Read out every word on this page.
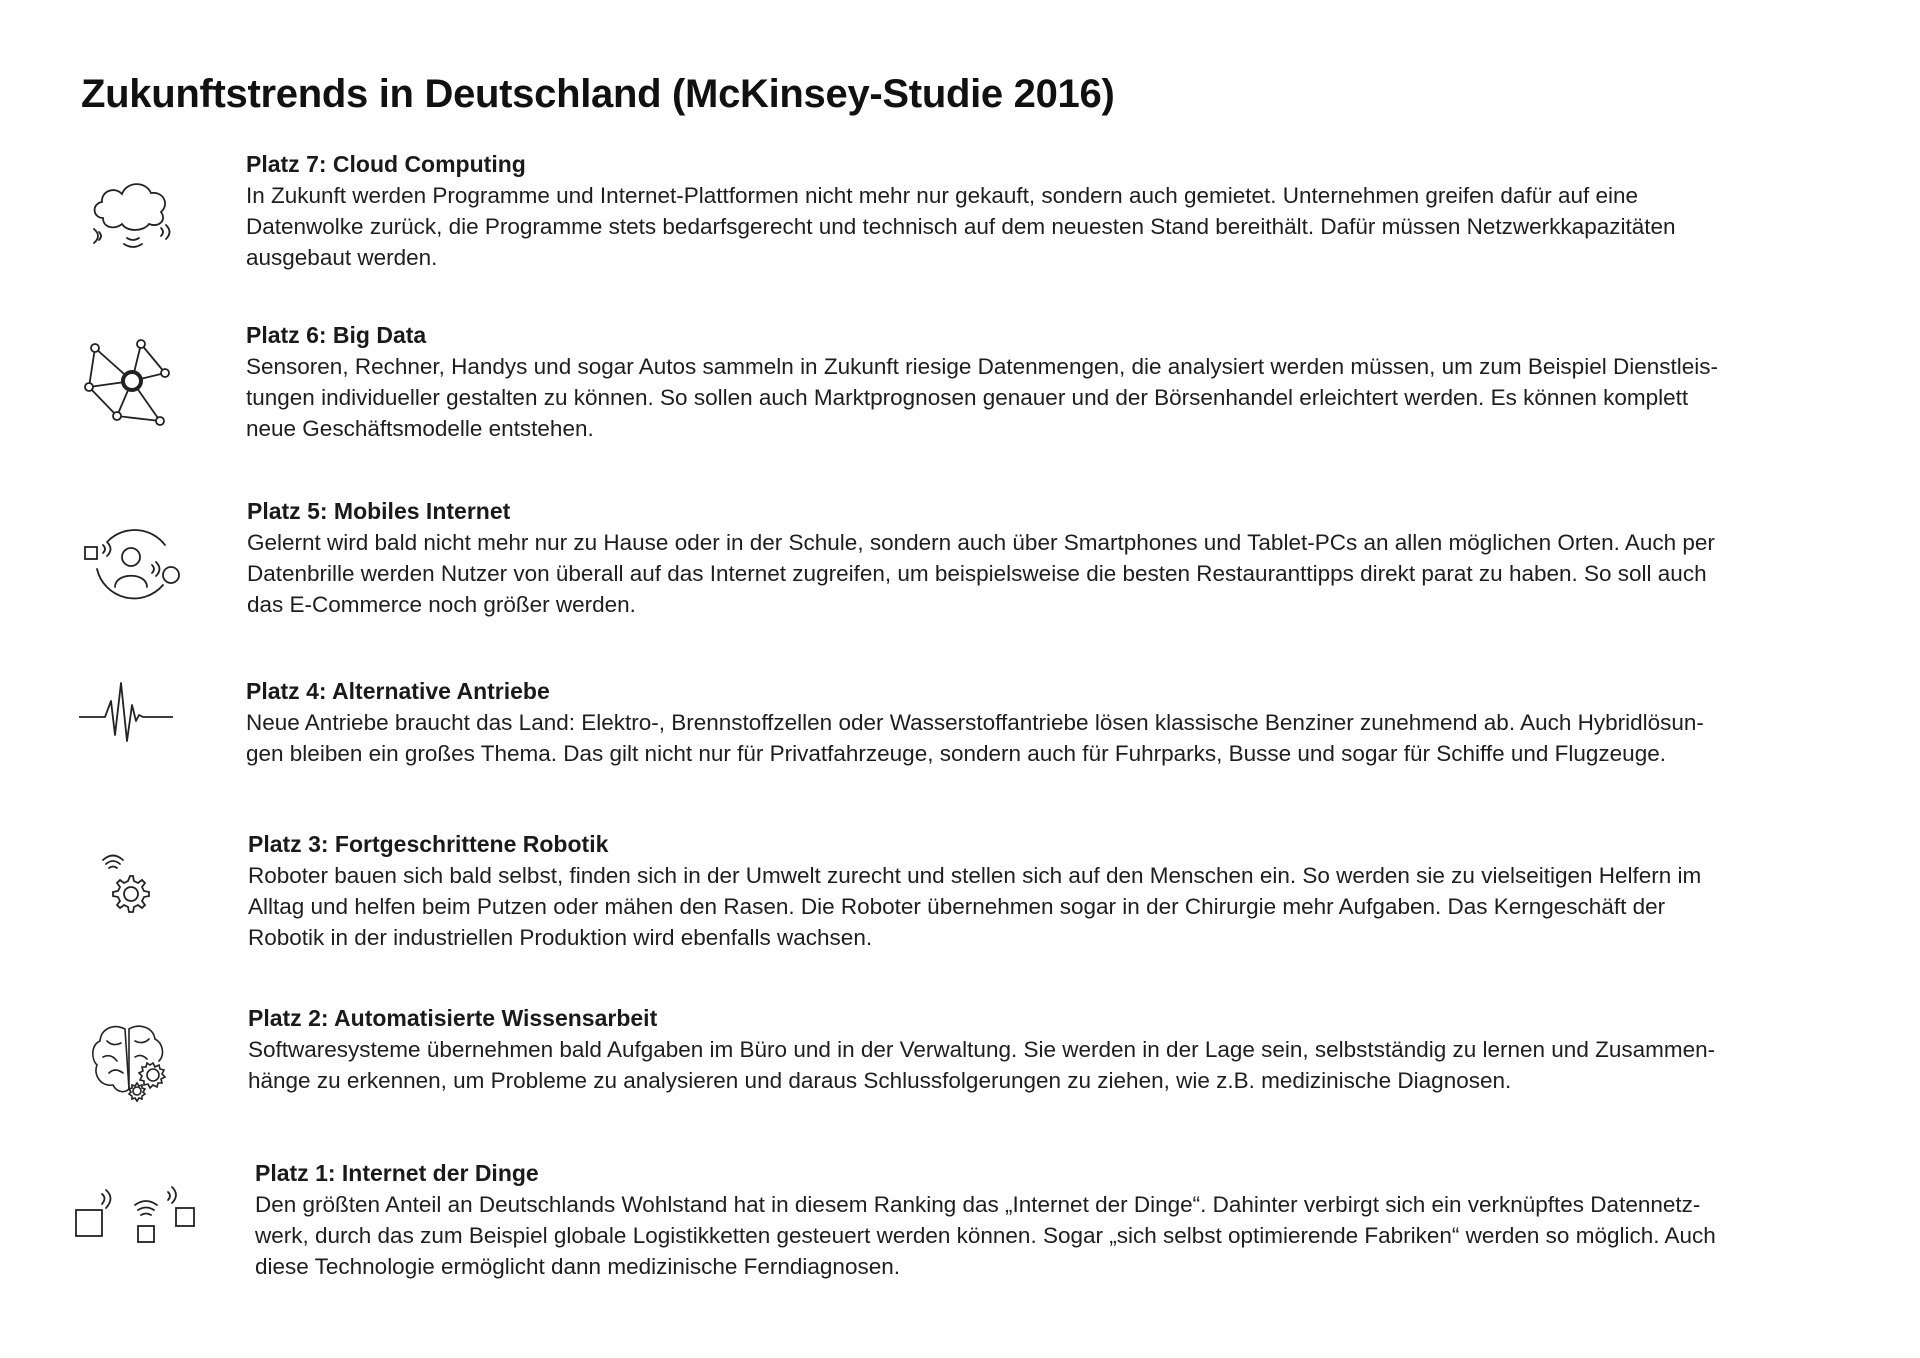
Zukunftstrends in Deutschland (McKinsey-Studie 2016)

Platz 7: Cloud Computing

In Zukunft werden Programme und Internet-Plattformen nicht mehr nur gekauft, sondern auch gemietet. Unternehmen greifen dafür auf eine

Datenwolke zurück, die Programme stets bedarfsgerecht und technisch auf dem neuesten Stand bereithält. Dafür müssen Netzwerkkapazitäten

ausgebaut werden.

Platz 6: Big Data

Sensoren, Rechner, Handys und sogar Autos sammeln in Zukunft riesige Datenmengen, die analysiert werden müssen, um zum Beispiel Dienstleis-

tungen individueller gestalten zu können. So sollen auch Marktprognosen genauer und der Börsenhandel erleichtert werden. Es können komplett

neue Geschäftsmodelle entstehen.

Platz 5: Mobiles Internet

Gelernt wird bald nicht mehr nur zu Hause oder in der Schule, sondern auch über Smartphones und Tablet-PCs an allen möglichen Orten. Auch per

Datenbrille werden Nutzer von überall auf das Internet zugreifen, um beispielsweise die besten Restauranttipps direkt parat zu haben. So soll auch

das E-Commerce noch größer werden.

Platz 4: Alternative Antriebe

Neue Antriebe braucht das Land: Elektro-, Brennstoffzellen oder Wasserstoffantriebe lösen klassische Benziner zunehmend ab. Auch Hybridlösun-

gen bleiben ein großes Thema. Das gilt nicht nur für Privatfahrzeuge, sondern auch für Fuhrparks, Busse und sogar für Schiffe und Flugzeuge.

Platz 3: Fortgeschrittene Robotik

Roboter bauen sich bald selbst, finden sich in der Umwelt zurecht und stellen sich auf den Menschen ein. So werden sie zu vielseitigen Helfern im

Alltag und helfen beim Putzen oder mähen den Rasen. Die Roboter übernehmen sogar in der Chirurgie mehr Aufgaben. Das Kerngeschäft der

Robotik in der industriellen Produktion wird ebenfalls wachsen.

Platz 2: Automatisierte Wissensarbeit

Softwaresysteme übernehmen bald Aufgaben im Büro und in der Verwaltung. Sie werden in der Lage sein, selbstständig zu lernen und Zusammen-

hänge zu erkennen, um Probleme zu analysieren und daraus Schlussfolgerungen zu ziehen, wie z.B. medizinische Diagnosen.

Platz 1: Internet der Dinge

Den größten Anteil an Deutschlands Wohlstand hat in diesem Ranking das „Internet der Dinge“. Dahinter verbirgt sich ein verknüpftes Datennetz-

werk, durch das zum Beispiel globale Logistikketten gesteuert werden können. Sogar „sich selbst optimierende Fabriken“ werden so möglich. Auch

diese Technologie ermöglicht dann medizinische Ferndiagnosen.
